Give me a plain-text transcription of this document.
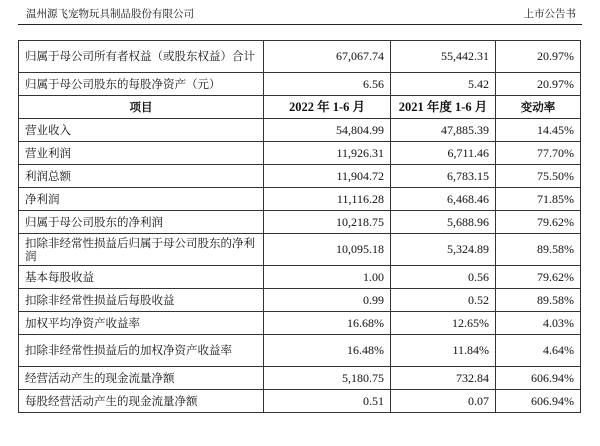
温州源飞宠物玩具制品股份有限公司	上市公告书
归属于母公司所有者权益（或股东权益）合计	67,067.74	55,442.31	20.97%
归属于母公司股东的每股净资产（元）	6.56	5.42	20.97%
项目	2022 年 1-6 月	2021 年度 1-6 月	变动率
营业收入	54,804.99	47,885.39	14.45%
营业利润	11,926.31	6,711.46	77.70%
利润总额	11,904.72	6,783.15	75.50%
净利润	11,116.28	6,468.46	71.85%
归属于母公司股东的净利润	10,218.75	5,688.96	79.62%
扣除非经常性损益后归属于母公司股东的净利润	10,095.18	5,324.89	89.58%
基本每股收益	1.00	0.56	79.62%
扣除非经常性损益后每股收益	0.99	0.52	89.58%
加权平均净资产收益率	16.68%	12.65%	4.03%
扣除非经常性损益后的加权净资产收益率	16.48%	11.84%	4.64%
经营活动产生的现金流量净额	5,180.75	732.84	606.94%
每股经营活动产生的现金流量净额	0.51	0.07	606.94%
